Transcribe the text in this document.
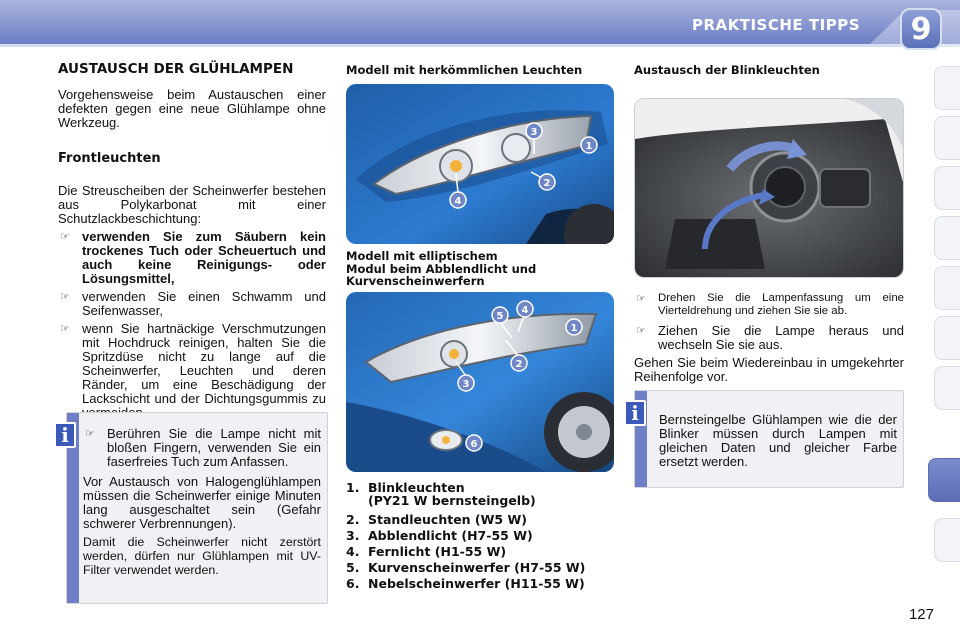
PRAKTISCHE TIPPS	9
AUSTAUSCH DER GLÜHLAMPEN

Vorgehensweise beim Austauschen einer defekten gegen eine neue Glühlampe ohne Werkzeug.

Frontleuchten

Die Streuscheiben der Scheinwerfer bestehen aus Polykarbonat mit einer Schutzlackbeschichtung:

☞ verwenden Sie zum Säubern kein trockenes Tuch oder Scheuertuch und auch keine Reinigungs- oder Lösungsmittel,
☞ verwenden Sie einen Schwamm und Seifenwasser,
☞ wenn Sie hartnäckige Verschmutzungen mit Hochdruck reinigen, halten Sie die Spritzdüse nicht zu lange auf die Scheinwerfer, Leuchten und deren Ränder, um eine Beschädigung der Lackschicht und der Dichtungsgummis zu
☞ Berühren Sie die Lampe nicht mit bloßen Fingern, verwenden Sie ein faserfreies Tuch zum Anfassen.

Vor Austausch von Halogenglühlampen müssen die Scheinwerfer einige Minuten lang ausgeschaltet sein (Gefahr schwerer Verbrennungen).

Damit die Scheinwerfer nicht zerstört werden, dürfen nur Glühlampen mit UV-Filter verwendet werden.

i
Modell mit herkömmlichen Leuchten
3
1
2
4
Modell mit elliptischem
Modul beim Abblendlicht und
Kurvenscheinwerfern
5
4
1
2
3
6
1. Blinkleuchten
(PY21 W bernsteingelb)
2. Standleuchten (W5 W)
3. Abblendlicht (H7-55 W)
4. Fernlicht (H1-55 W)
5. Kurvenscheinwerfer (H7-55 W)
6. Nebelscheinwerfer (H11-55 W)
Austausch der Blinkleuchten
☞	Drehen Sie die Lampenfassung um eine Vierteldrehung und ziehen Sie sie ab.
☞ Ziehen Sie die Lampe heraus und wechseln Sie sie aus.

Gehen Sie beim Wiedereinbau in umgekehrter Reihenfolge vor.

Bernsteingelbe Glühlampen wie die der Blinker müssen durch Lampen mit gleichen Daten und gleicher Farbe ersetzt werden.

i
127
